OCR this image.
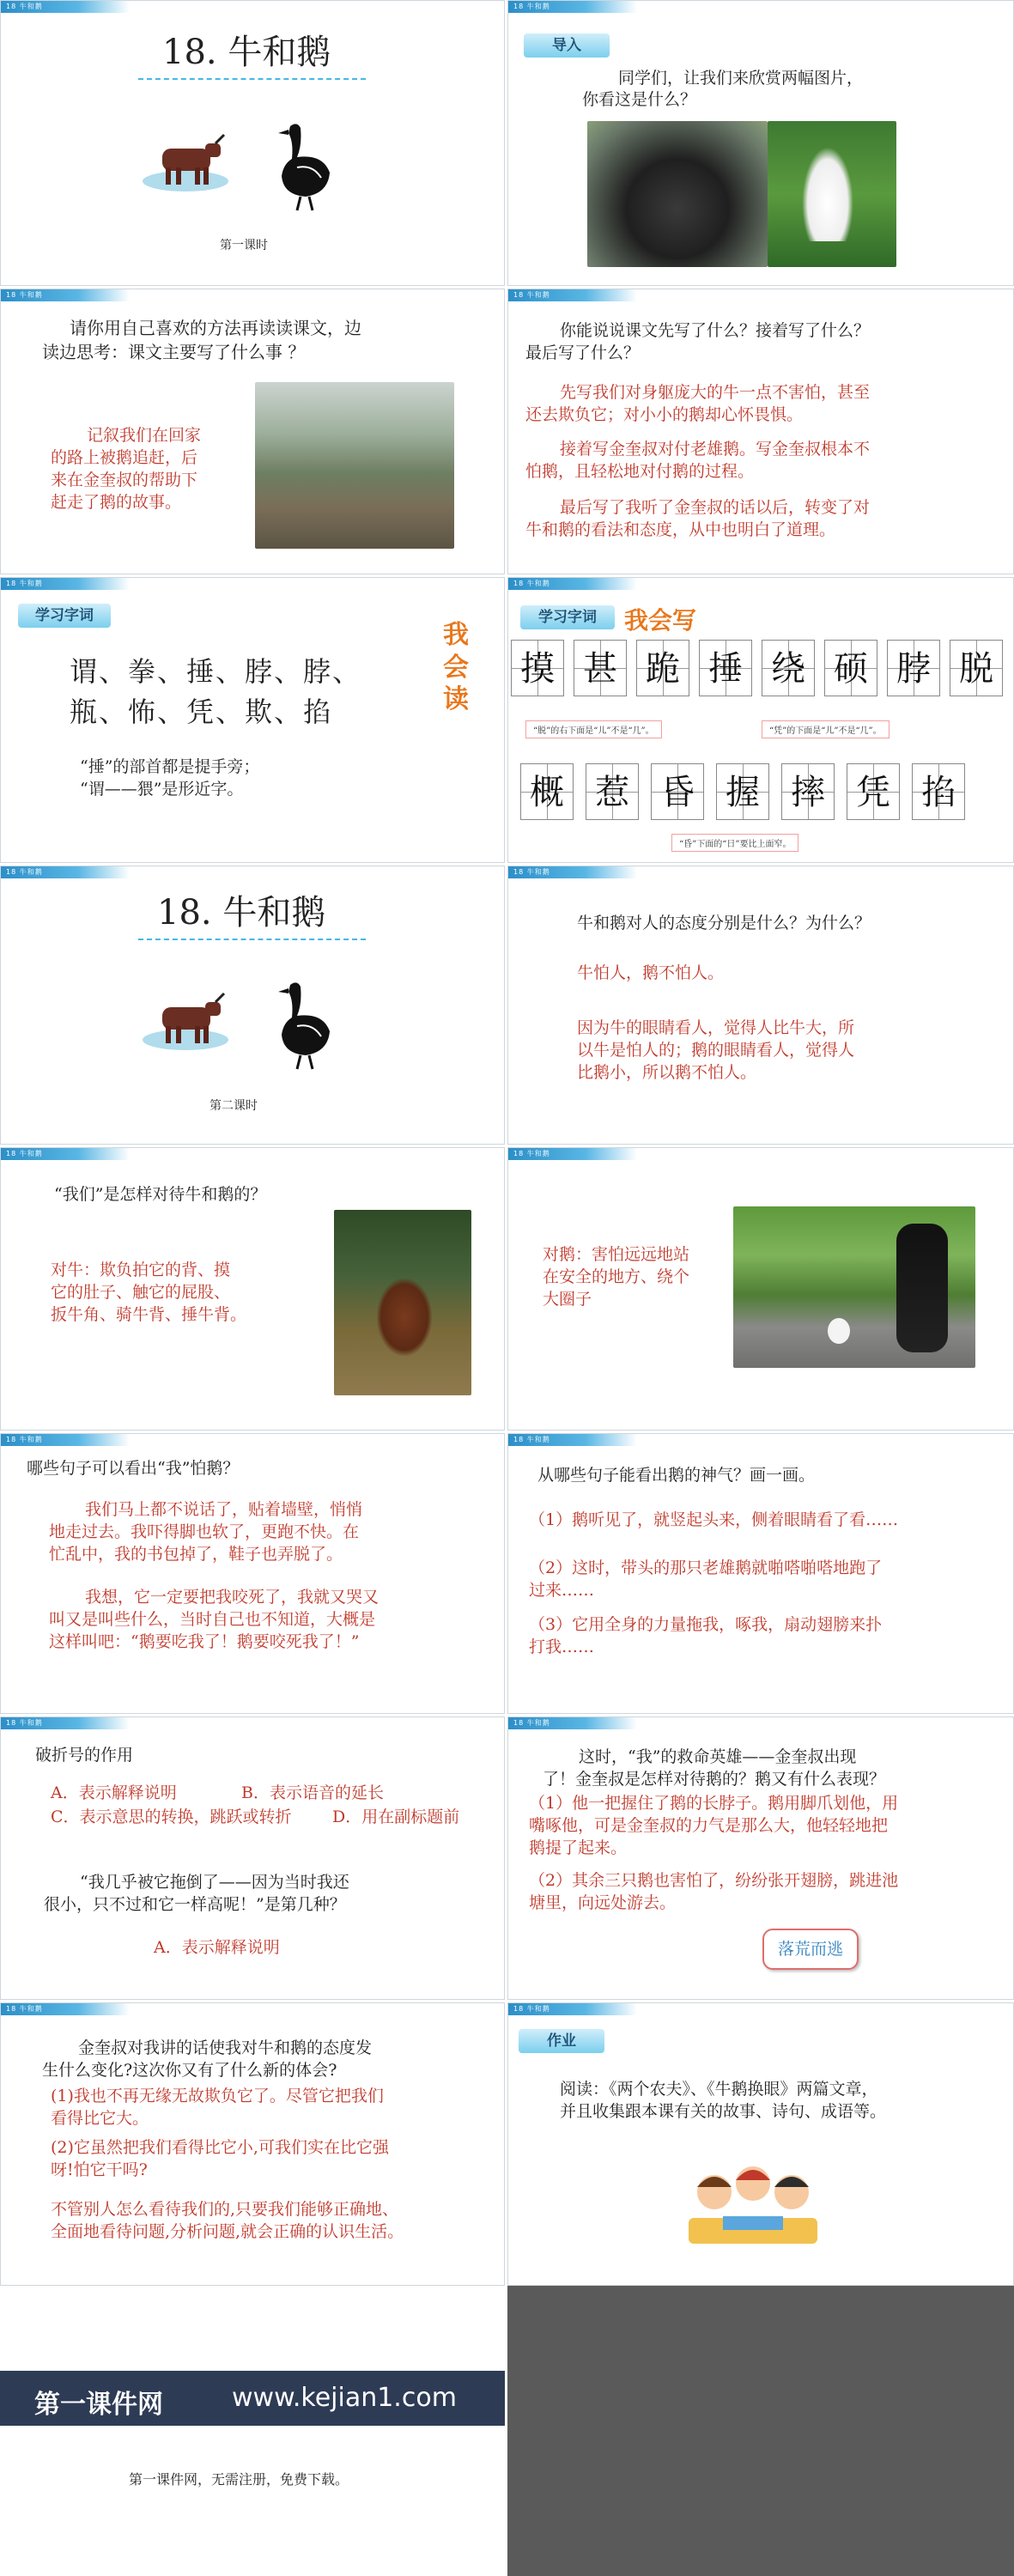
18 牛和鹅
18. 牛和鹅
第一课时
18 牛和鹅
导入
同学们，让我们来欣赏两幅图片，
你看这是什么？
18 牛和鹅
请你用自己喜欢的方法再读读课文，边
读边思考：课文主要写了什么事 ？
记叙我们在回家
的路上被鹅追赶，后
来在金奎叔的帮助下
赶走了鹅的故事。
18 牛和鹅
你能说说课文先写了什么？接着写了什么？
最后写了什么？
先写我们对身躯庞大的牛一点不害怕，甚至
还去欺负它；对小小的鹅却心怀畏惧。
接着写金奎叔对付老雄鹅。写金奎叔根本不
怕鹅，且轻松地对付鹅的过程。
最后写了我听了金奎叔的话以后，转变了对
牛和鹅的看法和态度，从中也明白了道理。
18 牛和鹅
学习字词
谓、拳、捶、脖、脖、
瓶、怖、凭、欺、掐
我
会
读
“捶”的部首都是提手旁；
“谓——猥”是形近字。
18 牛和鹅
学习字词	我会写
摸 甚 跪 捶 绕 硕 脖 脱
“脱”的右下面是“儿”不是“几”。	“凭”的下面是“儿”不是“几”。
概 惹 昏 握 摔 凭 掐
“昏”下面的“日”要比上面窄。
18 牛和鹅
18. 牛和鹅
第二课时
18 牛和鹅
牛和鹅对人的态度分别是什么？为什么？
牛怕人，鹅不怕人。
因为牛的眼睛看人，觉得人比牛大，所
以牛是怕人的；鹅的眼睛看人，觉得人
比鹅小，所以鹅不怕人。
18 牛和鹅
“我们”是怎样对待牛和鹅的？
对牛：欺负拍它的背、摸
它的肚子、触它的屁股、
扳牛角、骑牛背、捶牛背。
18 牛和鹅
对鹅：害怕远远地站
在安全的地方、绕个
大圈子
18 牛和鹅
哪些句子可以看出“我”怕鹅？
我们马上都不说话了，贴着墙壁，悄悄
地走过去。我吓得脚也软了，更跑不快。在
忙乱中，我的书包掉了，鞋子也弄脱了。
我想，它一定要把我咬死了，我就又哭又
叫又是叫些什么，当时自己也不知道，大概是
这样叫吧：“鹅要吃我了！鹅要咬死我了！”
18 牛和鹅
从哪些句子能看出鹅的神气？画一画。
（1）鹅听见了，就竖起头来，侧着眼睛看了看……
（2）这时，带头的那只老雄鹅就啪嗒啪嗒地跑了
过来……
（3）它用全身的力量拖我，啄我，扇动翅膀来扑
打我……
18 牛和鹅
破折号的作用
A．表示解释说明	B．表示语音的延长
C．表示意思的转换，跳跃或转折 D．用在副标题前
“我几乎被它拖倒了——因为当时我还
很小，只不过和它一样高呢！”是第几种？
A．表示解释说明
18 牛和鹅
这时，“我”的救命英雄——金奎叔出现
了！金奎叔是怎样对待鹅的？鹅又有什么表现？
（1）他一把握住了鹅的长脖子。鹅用脚爪划他，用
嘴啄他，可是金奎叔的力气是那么大，他轻轻地把
鹅提了起来。
（2）其余三只鹅也害怕了，纷纷张开翅膀，跳进池
塘里，向远处游去。
落荒而逃
18 牛和鹅
金奎叔对我讲的话使我对牛和鹅的态度发
生什么变化?这次你又有了什么新的体会?
(1)我也不再无缘无故欺负它了。尽管它把我们
看得比它大。
(2)它虽然把我们看得比它小,可我们实在比它强
呀!怕它干吗?
不管别人怎么看待我们的,只要我们能够正确地、
全面地看待问题,分析问题,就会正确的认识生活。
18 牛和鹅
作业
阅读：《两个农夫》、《牛鹅换眼》两篇文章，
并且收集跟本课有关的故事、诗句、成语等。
第一课件网	www.kejian1.com
第一课件网，无需注册，免费下载。
